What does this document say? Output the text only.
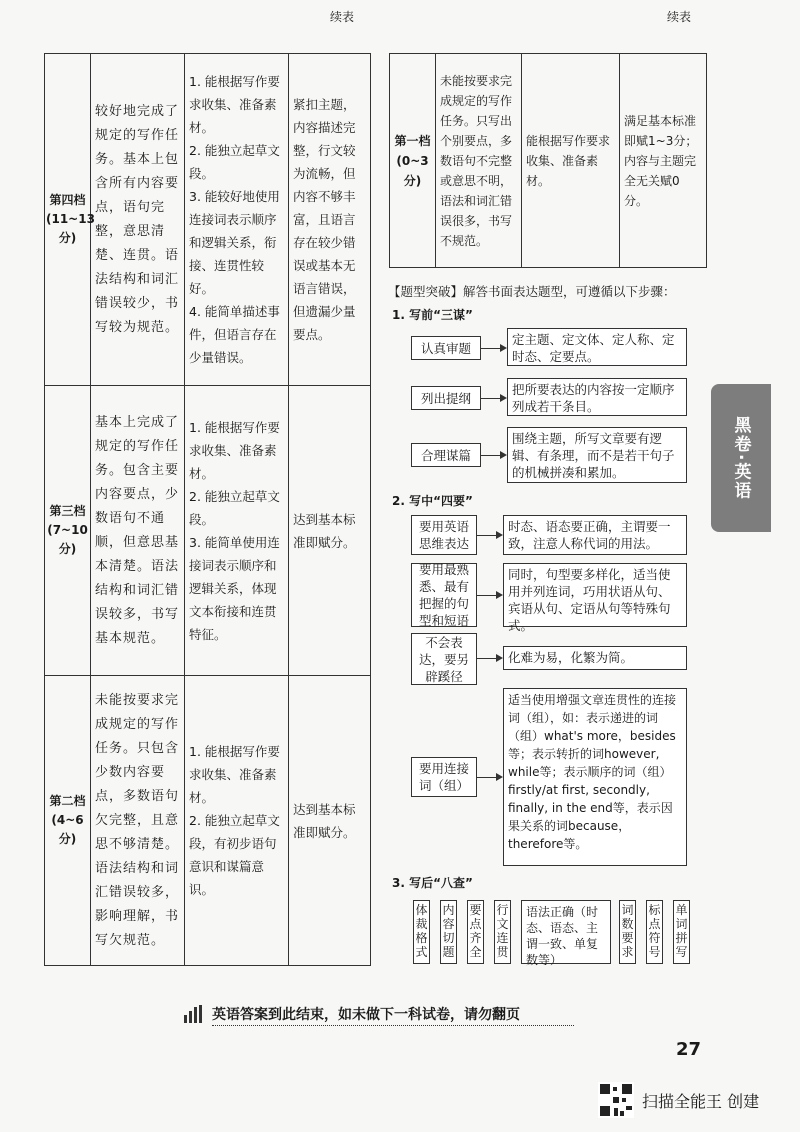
续表	续表
第四档(11~13分)	较好地完成了规定的写作任务。基本上包含所有内容要点，语句完整，意思清楚、连贯。语法结构和词汇错误较少，书写较为规范。	1. 能根据写作要求收集、准备素材。
2. 能独立起草文段。
3. 能较好地使用连接词表示顺序和逻辑关系，衔接、连贯性较好。
4. 能简单描述事件，但语言存在少量错误。	紧扣主题，内容描述完整，行文较为流畅，但内容不够丰富，且语言存在较少错误或基本无语言错误，但遗漏少量要点。
第三档(7~10分)	基本上完成了规定的写作任务。包含主要内容要点，少数语句不通顺，但意思基本清楚。语法结构和词汇错误较多，书写基本规范。	1. 能根据写作要求收集、准备素材。
2. 能独立起草文段。
3. 能简单使用连接词表示顺序和逻辑关系，体现文本衔接和连贯特征。	达到基本标准即赋分。
第二档(4~6分)	未能按要求完成规定的写作任务。只包含少数内容要点，多数语句欠完整，且意思不够清楚。语法结构和词汇错误较多，影响理解，书写欠规范。	1. 能根据写作要求收集、准备素材。
2. 能独立起草文段，有初步语句意识和谋篇意识。	达到基本标准即赋分。
第一档(0~3分)	未能按要求完成规定的写作任务。只写出个别要点，多数语句不完整或意思不明，语法和词汇错误很多，书写不规范。	能根据写作要求收集、准备素材。	满足基本标准即赋1~3分；内容与主题完全无关赋0分。
【题型突破】解答书面表达题型，可遵循以下步骤：
1. 写前“三谋”
认真审题
定主题、定文体、定人称、定时态、定要点。
列出提纲
把所要表达的内容按一定顺序列成若干条目。
合理谋篇
围绕主题，所写文章要有逻辑、有条理，而不是若干句子的机械拼凑和累加。
2. 写中“四要”
要用英语思维表达
时态、语态要正确，主谓要一致，注意人称代词的用法。
要用最熟悉、最有把握的句型和短语
同时，句型要多样化，适当使用并列连词，巧用状语从句、宾语从句、定语从句等特殊句式。
不会表达，要另辟蹊径
化难为易，化繁为简。
要用连接词（组）
适当使用增强文章连贯性的连接词（组），如：表示递进的词（组）what's more，besides等；表示转折的词however, while等；表示顺序的词（组）firstly/at first, secondly, finally, in the end等，表示因果关系的词because，therefore等。
3. 写后“八查”
体裁格式
内容切题
要点齐全
行文连贯
语法正确（时态、语态、主谓一致、单复数等）
词数要求
标点符号
单词拼写
黑卷·英语
英语答案到此结束，如未做下一科试卷，请勿翻页
27
扫描全能王 创建
